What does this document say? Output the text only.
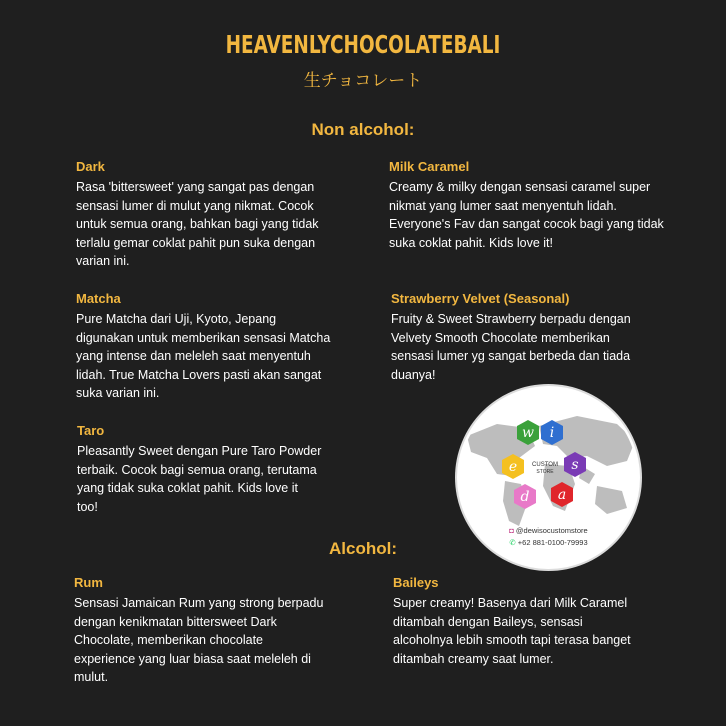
HEAVENLYCHOCOLATEBALI
生チョコレート
Non alcohol:
Dark
Rasa 'bittersweet' yang sangat pas dengan sensasi lumer di mulut yang nikmat. Cocok untuk semua orang, bahkan bagi yang tidak terlalu gemar coklat pahit pun suka dengan varian ini.
Milk Caramel
Creamy & milky dengan sensasi caramel super nikmat yang lumer saat menyentuh lidah. Everyone's Fav dan sangat cocok bagi yang tidak suka coklat pahit. Kids love it!
Matcha
Pure Matcha dari Uji, Kyoto, Jepang digunakan untuk memberikan sensasi Matcha yang intense dan meleleh saat menyentuh lidah. True Matcha Lovers pasti akan sangat suka varian ini.
Strawberry Velvet (Seasonal)
Fruity & Sweet Strawberry berpadu dengan Velvety Smooth Chocolate memberikan sensasi lumer yg sangat berbeda dan tiada duanya!
Taro
Pleasantly Sweet dengan Pure Taro Powder terbaik. Cocok bagi semua orang, terutama yang tidak suka coklat pahit. Kids love it too!
w i
s
a
d
e CUSTOM
STORE
◘ @dewisocustomstore
✆ +62 881-0100-79993
Alcohol:
Rum
Sensasi Jamaican Rum yang strong berpadu dengan kenikmatan bittersweet Dark Chocolate, memberikan chocolate experience yang luar biasa saat meleleh di mulut.
Baileys
Super creamy! Basenya dari Milk Caramel ditambah dengan Baileys, sensasi alcoholnya lebih smooth tapi terasa banget ditambah creamy saat lumer.
